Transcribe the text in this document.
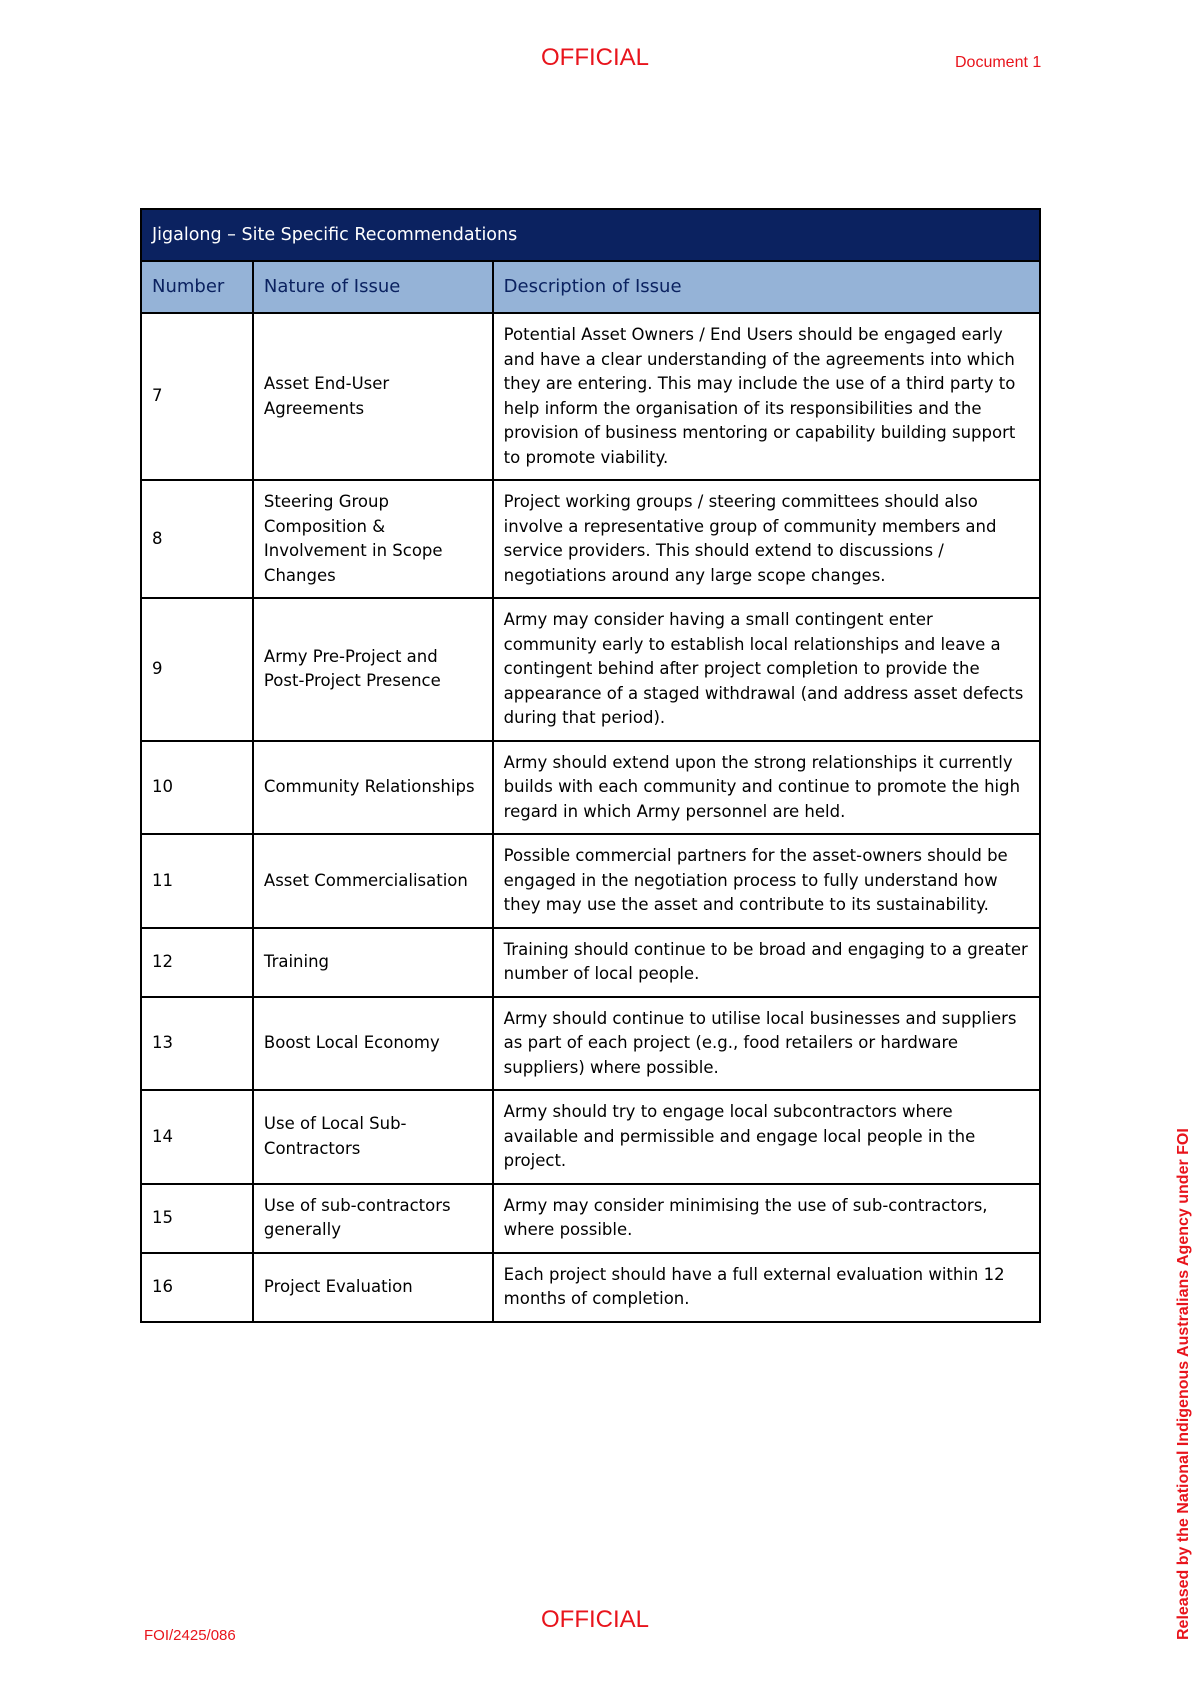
OFFICIAL	Document 1
Jigalong – Site Specific Recommendations		
Number	Nature of Issue	Description of Issue
7	Asset End-User Agreements	Potential Asset Owners / End Users should be engaged early and have a clear understanding of the agreements into which they are entering. This may include the use of a third party to help inform the organisation of its responsibilities and the provision of business mentoring or capability building support to promote viability.
8	Steering Group Composition & Involvement in Scope Changes	Project working groups / steering committees should also involve a representative group of community members and service providers. This should extend to discussions / negotiations around any large scope changes.
9	Army Pre-Project and Post-Project Presence	Army may consider having a small contingent enter community early to establish local relationships and leave a contingent behind after project completion to provide the appearance of a staged withdrawal (and address asset defects during that period).
10	Community Relationships	Army should extend upon the strong relationships it currently builds with each community and continue to promote the high regard in which Army personnel are held.
11	Asset Commercialisation	Possible commercial partners for the asset-owners should be engaged in the negotiation process to fully understand how they may use the asset and contribute to its sustainability.
12	Training	Training should continue to be broad and engaging to a greater number of local people.
13	Boost Local Economy	Army should continue to utilise local businesses and suppliers as part of each project (e.g., food retailers or hardware suppliers) where possible.
14	Use of Local Sub-Contractors	Army should try to engage local subcontractors where available and permissible and engage local people in the project.
15	Use of sub-contractors generally	Army may consider minimising the use of sub-contractors, where possible.
16	Project Evaluation	Each project should have a full external evaluation within 12 months of completion.
OFFICIAL
FOI/2425/086	Released by the National Indigenous Australians Agency under FOI
